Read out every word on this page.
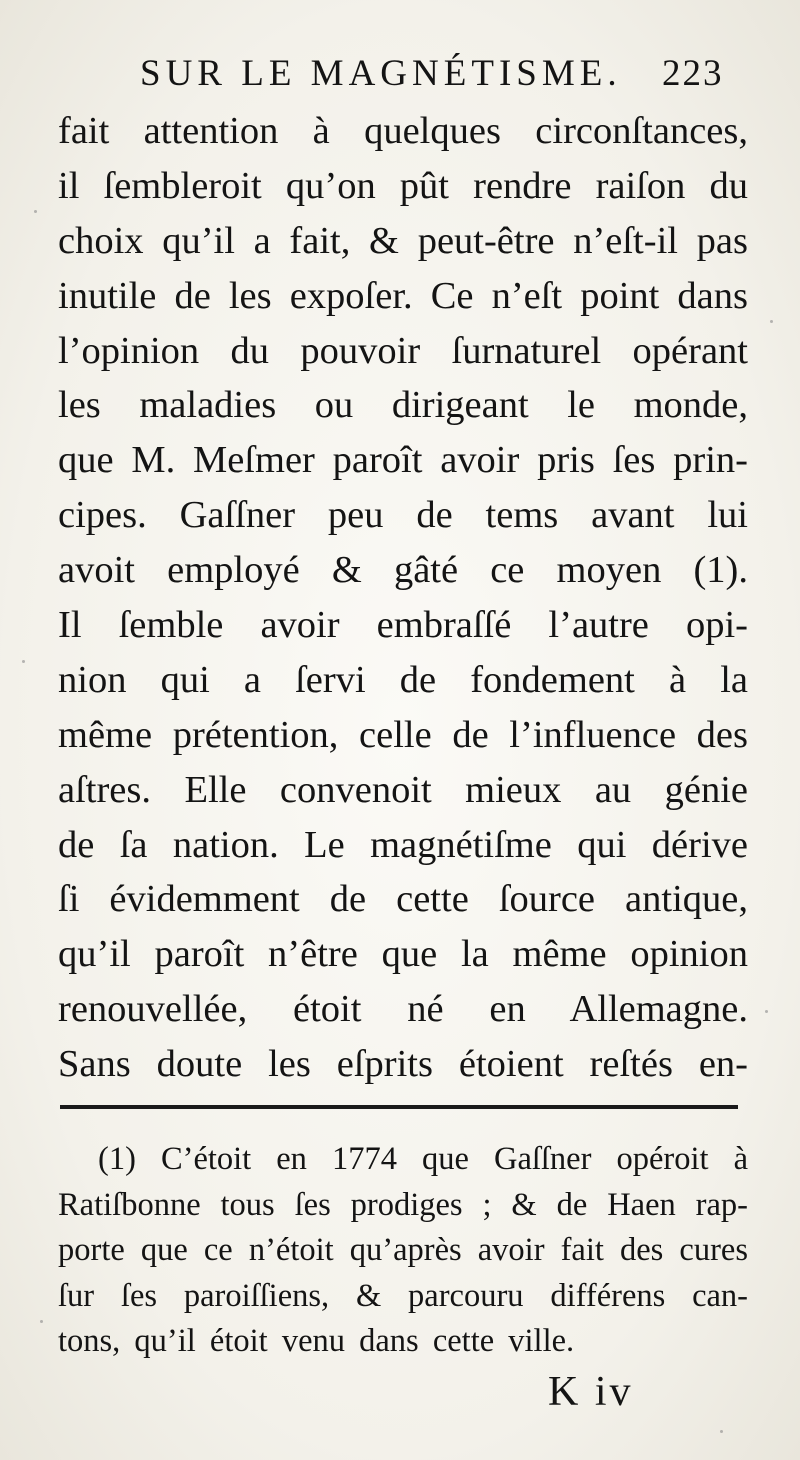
SUR LE MAGNÉTISME. 223
fait attention à quelques circonſtances,
il ſembleroit qu’on pût rendre raiſon du
choix qu’il a fait, & peut-être n’eſt-il pas
inutile de les expoſer. Ce n’eſt point dans
l’opinion du pouvoir ſurnaturel opérant
les maladies ou dirigeant le monde,
que M. Meſmer paroît avoir pris ſes prin-
cipes. Gaſſner peu de tems avant lui
avoit employé & gâté ce moyen (1).
Il ſemble avoir embraſſé l’autre opi-
nion qui a ſervi de fondement à la
même prétention, celle de l’influence des
aſtres. Elle convenoit mieux au génie
de ſa nation. Le magnétiſme qui dérive
ſi évidemment de cette ſource antique,
qu’il paroît n’être que la même opinion
renouvellée, étoit né en Allemagne.
Sans doute les eſprits étoient reſtés en-
(1) C’étoit en 1774 que Gaſſner opéroit à
Ratiſbonne tous ſes prodiges ; & de Haen rap-
porte que ce n’étoit qu’après avoir fait des cures
ſur ſes paroiſſiens, & parcouru différens can-
tons, qu’il étoit venu dans cette ville.
K iv
